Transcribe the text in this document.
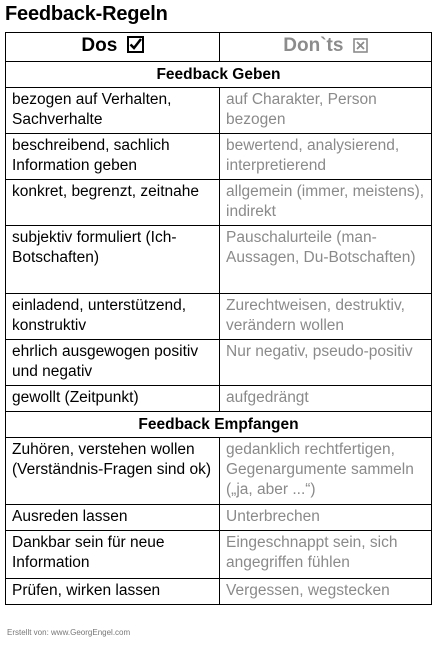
Feedback-Regeln
Dos	Don`ts
Feedback Geben	

bezogen auf Verhalten, Sachverhalte	auf Charakter, Person bezogen

beschreibend, sachlich Information geben	bewertend, analysierend, interpretierend

konkret, begrenzt, zeitnahe	allgemein (immer, meistens), indirekt

subjektiv formuliert (Ich-Botschaften)	Pauschalurteile (man-Aussagen, Du-Botschaften)

einladend, unterstützend, konstruktiv	Zurechtweisen, destruktiv, verändern wollen

ehrlich ausgewogen positiv und negativ	Nur negativ, pseudo-positiv

gewollt (Zeitpunkt)	aufgedrängt

Feedback Empfangen	

Zuhören, verstehen wollen (Verständnis-Fragen sind ok)	gedanklich rechtfertigen, Gegenargumente sammeln („ja, aber ...“)

Ausreden lassen	Unterbrechen

Dankbar sein für neue Information	Eingeschnappt sein, sich angegriffen fühlen

Prüfen, wirken lassen	Vergessen, wegstecken
Erstellt von: www.GeorgEngel.com
